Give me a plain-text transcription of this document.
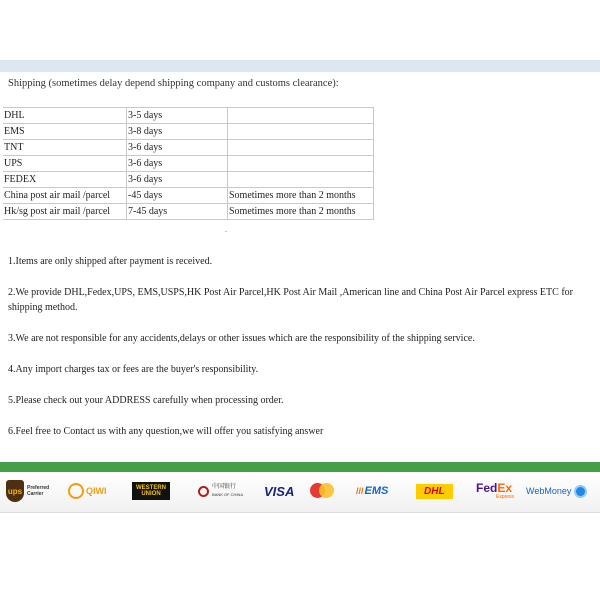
Shipping (sometimes delay depend shipping company and customs clearance):
DHL	3-5 days	
EMS	3-8 days	
TNT	3-6 days	
UPS	3-6 days	
FEDEX	3-6 days	
China post air mail /parcel	-45 days	Sometimes more than 2 months
Hk/sg post air mail /parcel	7-45 days	Sometimes more than 2 months
.
1.Items are only shipped after payment is received.
2.We provide DHL,Fedex,UPS, EMS,USPS,HK Post Air Parcel,HK Post Air Mail ,American line and China Post Air Parcel express ETC for shipping method.
3.We are not responsible for any accidents,delays or other issues which are the responsibility of the shipping service.
4.Any import charges tax or fees are the buyer's responsibility.
5.Please check out your ADDRESS carefully when processing order.
6.Feel free to Contact us with any question,we will offer you satisfying answer
ups Preferred
Carrier	QIWI	WESTERN
UNION
中国银行
BANK OF CHINA VISA	/// EMS	DHL	FedEx
Express
WebMoney
